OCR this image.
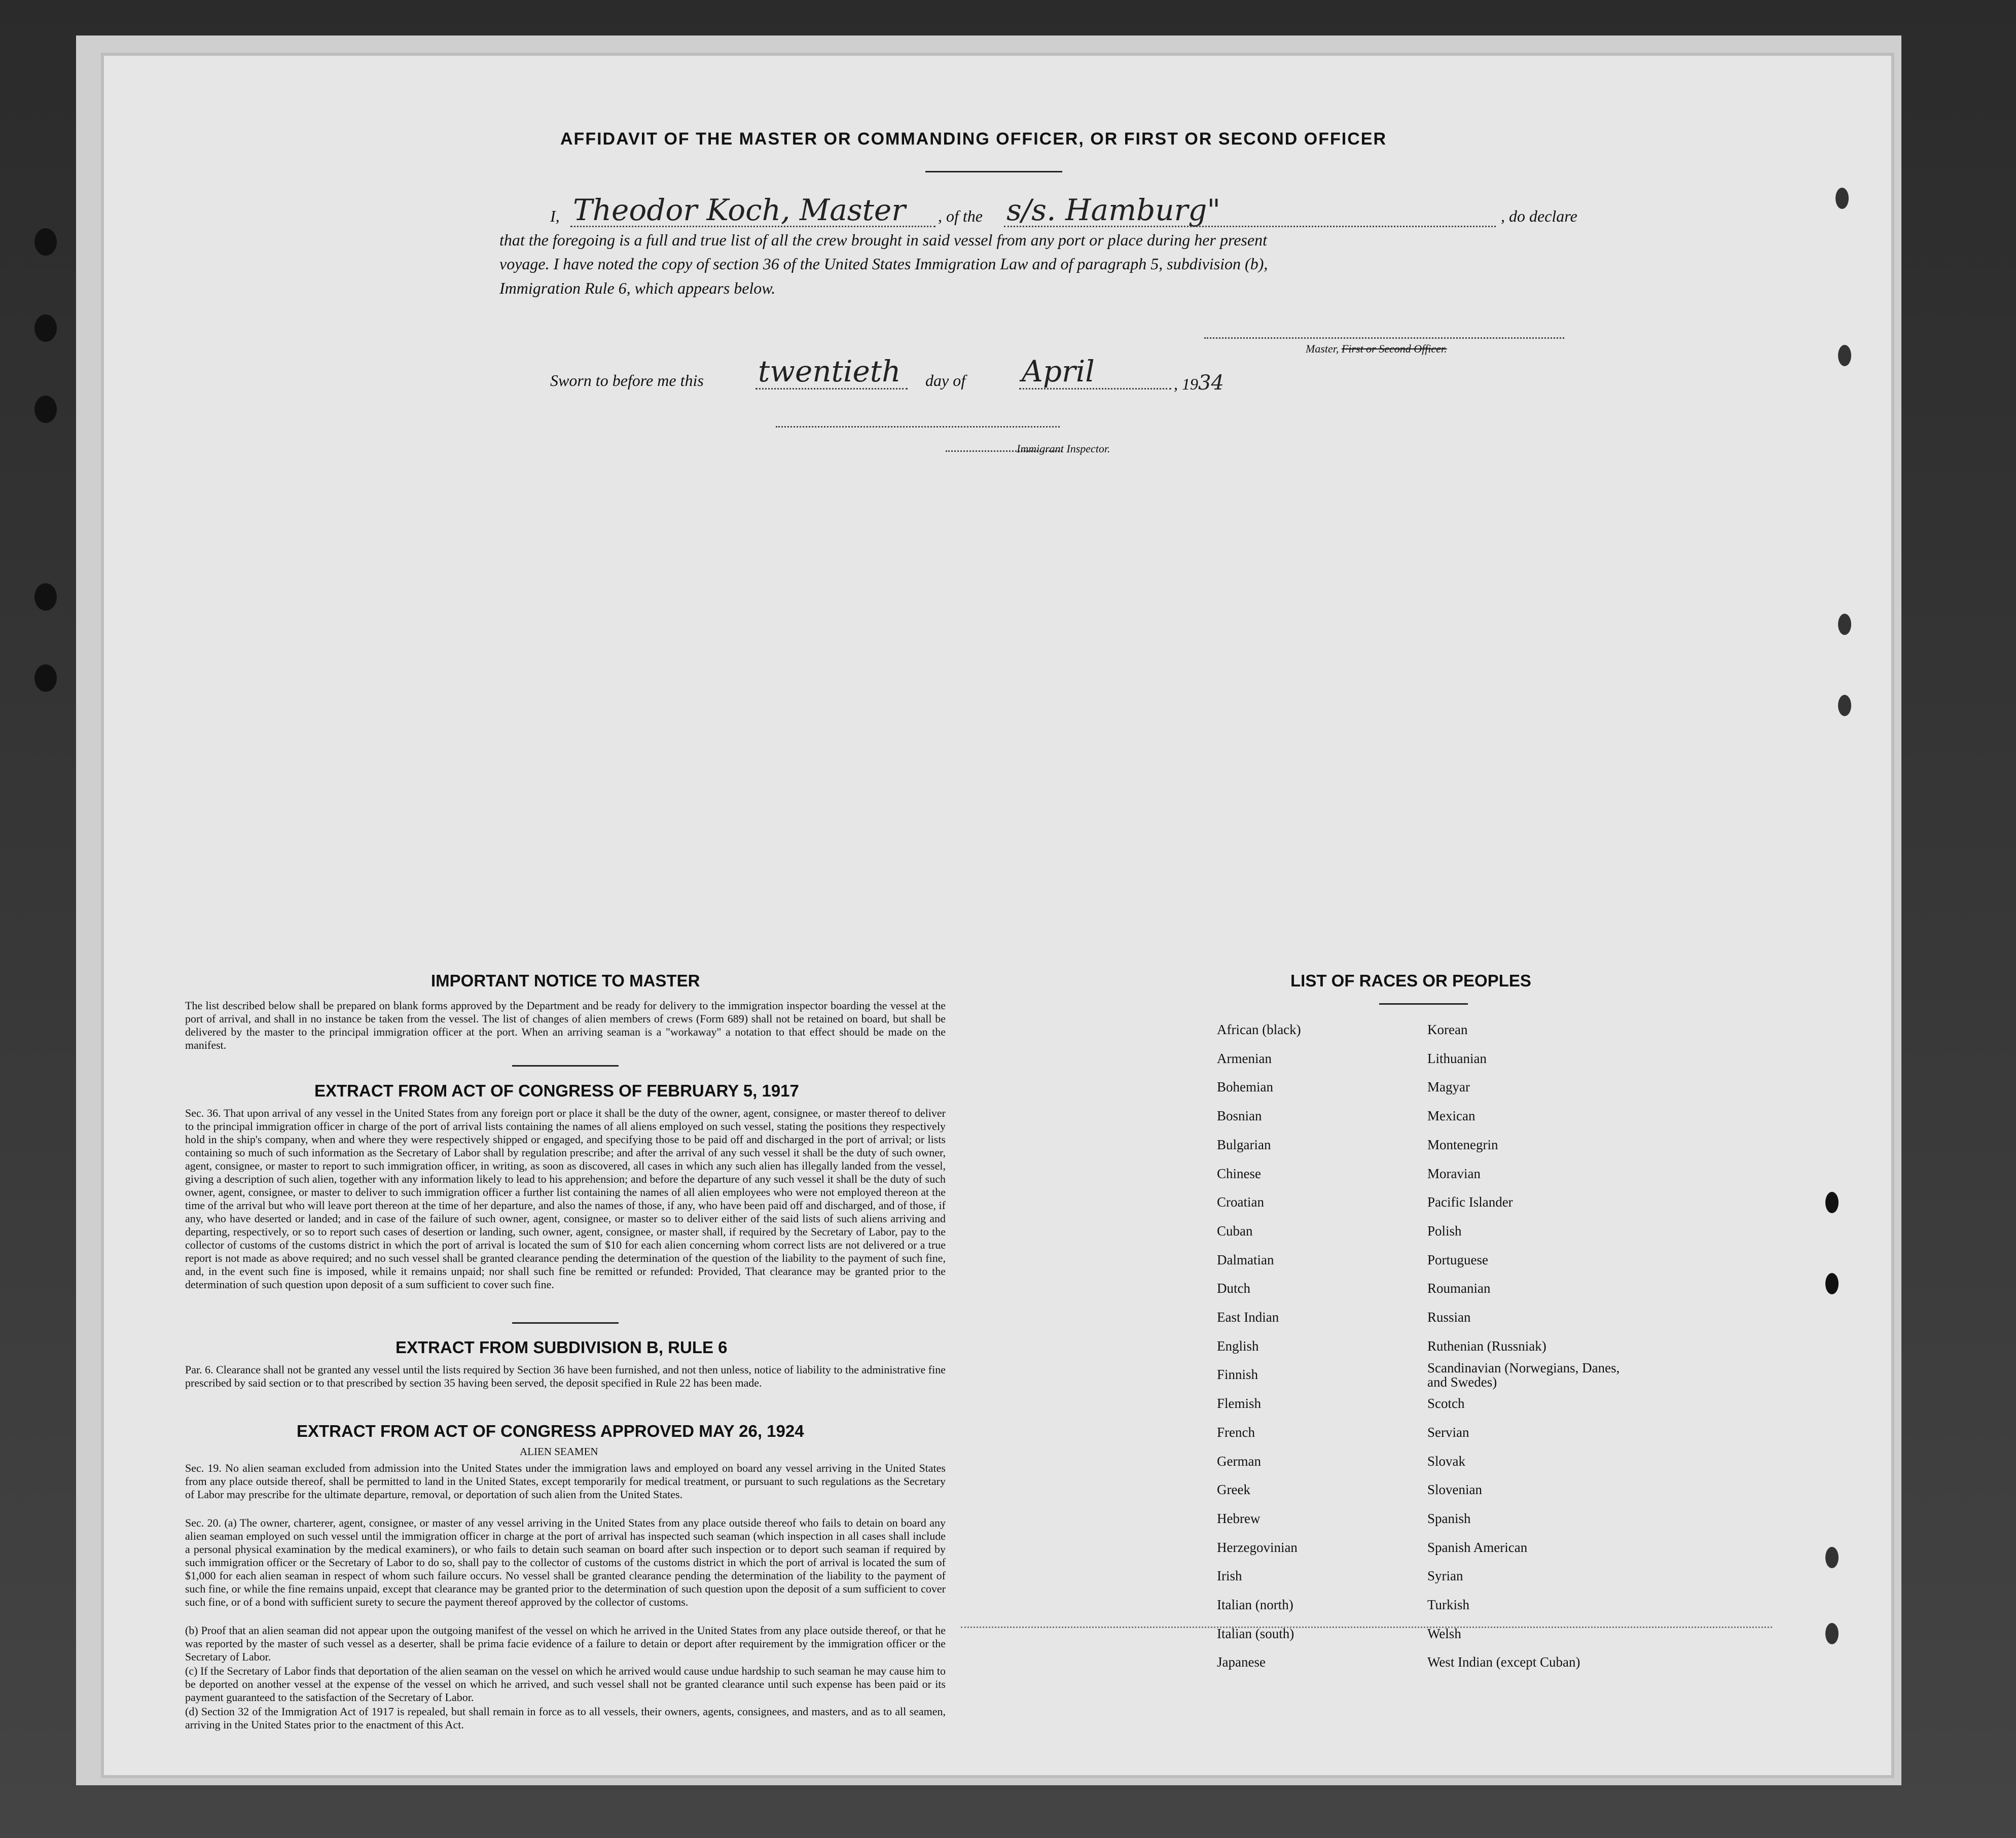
AFFIDAVIT OF THE MASTER OR COMMANDING OFFICER, OR FIRST OR SECOND OFFICER
I, Theodor Koch, Master , of the s/s. Hamburg"	, do declare
that the foregoing is a full and true list of all the crew brought in said vessel from any port or place during her present
voyage. I have noted the copy of section 36 of the United States Immigration Law and of paragraph 5, subdivision (b),
Immigration Rule 6, which appears below.
Master, First or Second Officer.
Sworn to before me this twentieth day of April	, 1934
Immigrant Inspector.
IMPORTANT NOTICE TO MASTER
The list described below shall be prepared on blank forms approved by the Department and be ready for delivery to the immigration inspector boarding the vessel at the port of arrival, and shall in no instance be taken from the vessel. The list of changes of alien members of crews (Form 689) shall not be retained on board, but shall be delivered by the master to the principal immigration officer at the port. When an arriving seaman is a "workaway" a notation to that effect should be made on the manifest.
EXTRACT FROM ACT OF CONGRESS OF FEBRUARY 5, 1917
Sec. 36. That upon arrival of any vessel in the United States from any foreign port or place it shall be the duty of the owner, agent, consignee, or master thereof to deliver to the principal immigration officer in charge of the port of arrival lists containing the names of all aliens employed on such vessel, stating the positions they respectively hold in the ship's company, when and where they were respectively shipped or engaged, and specifying those to be paid off and discharged in the port of arrival; or lists containing so much of such information as the Secretary of Labor shall by regulation prescribe; and after the arrival of any such vessel it shall be the duty of such owner, agent, consignee, or master to report to such immigration officer, in writing, as soon as discovered, all cases in which any such alien has illegally landed from the vessel, giving a description of such alien, together with any information likely to lead to his apprehension; and before the departure of any such vessel it shall be the duty of such owner, agent, consignee, or master to deliver to such immigration officer a further list containing the names of all alien employees who were not employed thereon at the time of the arrival but who will leave port thereon at the time of her departure, and also the names of those, if any, who have been paid off and discharged, and of those, if any, who have deserted or landed; and in case of the failure of such owner, agent, consignee, or master so to deliver either of the said lists of such aliens arriving and departing, respectively, or so to report such cases of desertion or landing, such owner, agent, consignee, or master shall, if required by the Secretary of Labor, pay to the collector of customs of the customs district in which the port of arrival is located the sum of $10 for each alien concerning whom correct lists are not delivered or a true report is not made as above required; and no such vessel shall be granted clearance pending the determination of the question of the liability to the payment of such fine, and, in the event such fine is imposed, while it remains unpaid; nor shall such fine be remitted or refunded: Provided, That clearance may be granted prior to the determination of such question upon deposit of a sum sufficient to cover such fine.
EXTRACT FROM SUBDIVISION B, RULE 6
Par. 6. Clearance shall not be granted any vessel until the lists required by Section 36 have been furnished, and not then unless, notice of liability to the administrative fine prescribed by said section or to that prescribed by section 35 having been served, the deposit specified in Rule 22 has been made.
EXTRACT FROM ACT OF CONGRESS APPROVED MAY 26, 1924
ALIEN SEAMEN
Sec. 19. No alien seaman excluded from admission into the United States under the immigration laws and employed on board any vessel arriving in the United States from any place outside thereof, shall be permitted to land in the United States, except temporarily for medical treatment, or pursuant to such regulations as the Secretary of Labor may prescribe for the ultimate departure, removal, or deportation of such alien from the United States.
Sec. 20. (a) The owner, charterer, agent, consignee, or master of any vessel arriving in the United States from any place outside thereof who fails to detain on board any alien seaman employed on such vessel until the immigration officer in charge at the port of arrival has inspected such seaman (which inspection in all cases shall include a personal physical examination by the medical examiners), or who fails to detain such seaman on board after such inspection or to deport such seaman if required by such immigration officer or the Secretary of Labor to do so, shall pay to the collector of customs of the customs district in which the port of arrival is located the sum of $1,000 for each alien seaman in respect of whom such failure occurs. No vessel shall be granted clearance pending the determination of the liability to the payment of such fine, or while the fine remains unpaid, except that clearance may be granted prior to the determination of such question upon the deposit of a sum sufficient to cover such fine, or of a bond with sufficient surety to secure the payment thereof approved by the collector of customs.
(b) Proof that an alien seaman did not appear upon the outgoing manifest of the vessel on which he arrived in the United States from any place outside thereof, or that he was reported by the master of such vessel as a deserter, shall be prima facie evidence of a failure to detain or deport after requirement by the immigration officer or the Secretary of Labor.
(c) If the Secretary of Labor finds that deportation of the alien seaman on the vessel on which he arrived would cause undue hardship to such seaman he may cause him to be deported on another vessel at the expense of the vessel on which he arrived, and such vessel shall not be granted clearance until such expense has been paid or its payment guaranteed to the satisfaction of the Secretary of Labor.
(d) Section 32 of the Immigration Act of 1917 is repealed, but shall remain in force as to all vessels, their owners, agents, consignees, and masters, and as to all seamen, arriving in the United States prior to the enactment of this Act.
LIST OF RACES OR PEOPLES
African (black)
Armenian
Bohemian
Bosnian
Bulgarian
Chinese
Croatian
Cuban
Dalmatian
Dutch
East Indian
English
Finnish
Flemish
French
German
Greek
Hebrew
Herzegovinian
Irish
Italian (north)
Italian (south)
Japanese
Korean
Lithuanian
Magyar
Mexican
Montenegrin
Moravian
Pacific Islander
Polish
Portuguese
Roumanian
Russian
Ruthenian (Russniak)
Scandinavian (Norwegians, Danes, and Swedes)
Scotch
Servian
Slovak
Slovenian
Spanish
Spanish American
Syrian
Turkish
Welsh
West Indian (except Cuban)
